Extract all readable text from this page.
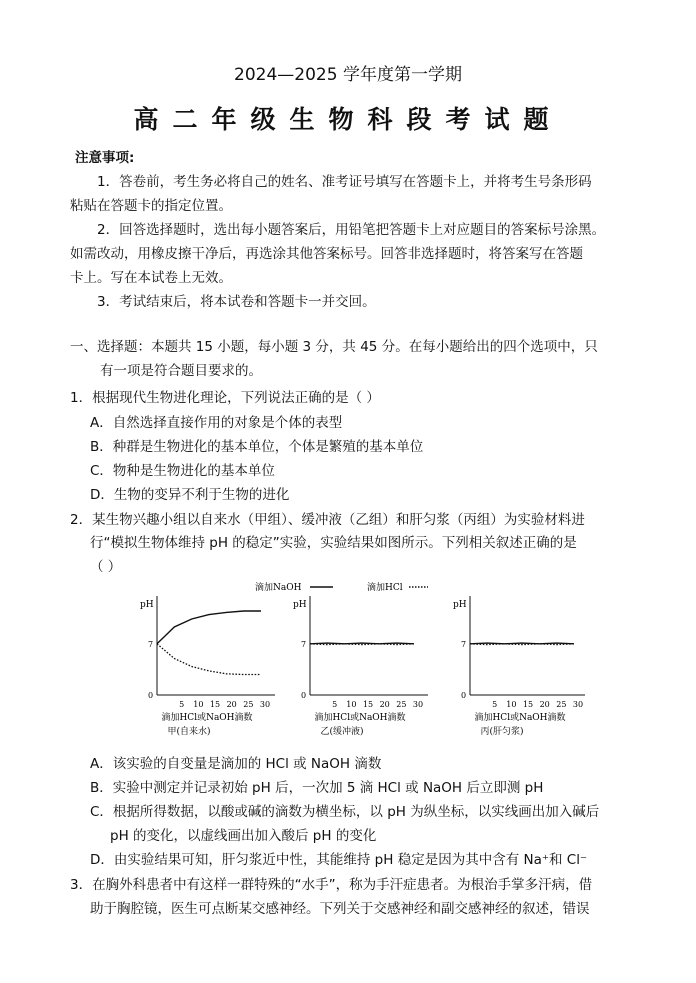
2024—2025 学年度第一学期
高二年级生物科段考试题
注意事项:
1．答卷前，考生务必将自己的姓名、准考证号填写在答题卡上，并将考生号条形码
粘贴在答题卡的指定位置。
2．回答选择题时，选出每小题答案后，用铅笔把答题卡上对应题目的答案标号涂黑。
如需改动，用橡皮擦干净后，再选涂其他答案标号。回答非选择题时，将答案写在答题
卡上。写在本试卷上无效。
3．考试结束后，将本试卷和答题卡一并交回。
一、选择题：本题共 15 小题，每小题 3 分，共 45 分。在每小题给出的四个选项中，只
有一项是符合题目要求的。
1．根据现代生物进化理论，下列说法正确的是（ ）
A．自然选择直接作用的对象是个体的表型
B．种群是生物进化的基本单位，个体是繁殖的基本单位
C．物种是生物进化的基本单位
D．生物的变异不利于生物的进化
2．某生物兴趣小组以自来水（甲组）、缓冲液（乙组）和肝匀浆（丙组）为实验材料进
行“模拟生物体维持 pH 的稳定”实验，实验结果如图所示。下列相关叙述正确的是
（ ）
滴加NaOH	滴加HCl
pH
0
7
5 10 15 20 25 30
滴加HCl或NaOH滴数
甲(自来水)
pH
0
7
5 10 15 20 25 30
滴加HCl或NaOH滴数
乙(缓冲液)
pH
0
7
5 10 15 20 25 30
滴加HCl或NaOH滴数
丙(肝匀浆)
A．该实验的自变量是滴加的 HCl 或 NaOH 滴数
B．实验中测定并记录初始 pH 后，一次加 5 滴 HCl 或 NaOH 后立即测 pH
C．根据所得数据，以酸或碱的滴数为横坐标，以 pH 为纵坐标，以实线画出加入碱后
pH 的变化，以虚线画出加入酸后 pH 的变化
D．由实验结果可知，肝匀浆近中性，其能维持 pH 稳定是因为其中含有 Na⁺和 Cl⁻
3．在胸外科患者中有这样一群特殊的“水手”，称为手汗症患者。为根治手掌多汗病，借
助于胸腔镜，医生可点断某交感神经。下列关于交感神经和副交感神经的叙述，错误
